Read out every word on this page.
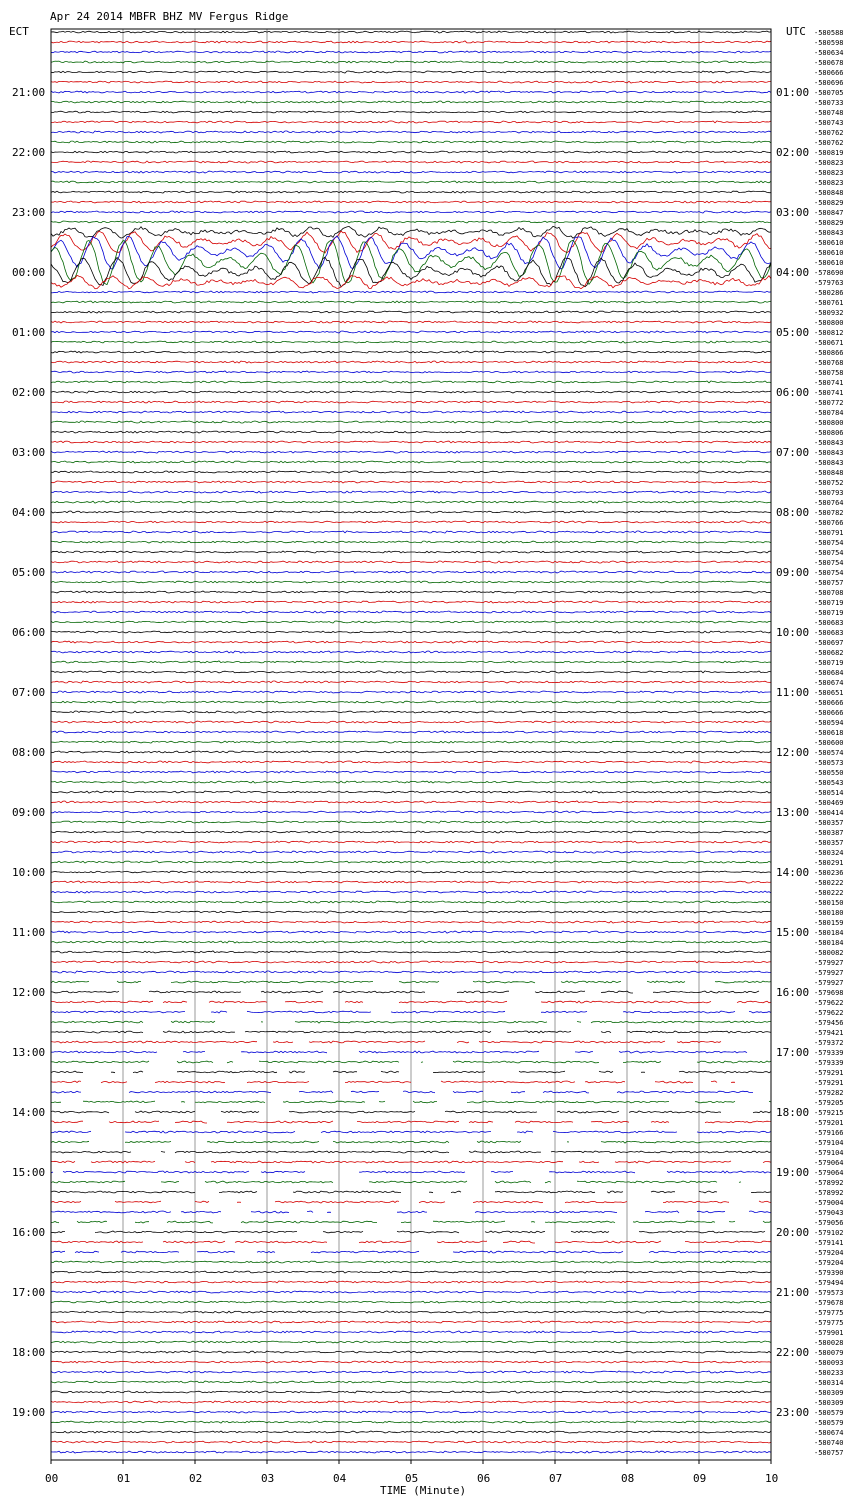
Apr 24 2014 MBFR BHZ MV Fergus Ridge
ECT	UTC
21:00
22:00
23:00
00:00
01:00
02:00
03:00
04:00
05:00
06:00
07:00
08:00
09:00
10:00
11:00
12:00
13:00
14:00
15:00
16:00
17:00
18:00
19:00
01:00
02:00
03:00
04:00
05:00
06:00
07:00
08:00
09:00
10:00
11:00
12:00
13:00
14:00
15:00
16:00
17:00
18:00
19:00
20:00
21:00
22:00
23:00
-580588
-580598
-580634
-580678
-580666
-580696
-580705
-580733
-580748
-580743
-580762
-580762
-580819
-580823
-580823
-580823
-580848
-580829
-580847
-580829
-580843
-580610
-580610
-580610
-578690
-579763
-580286
-580761
-580932
-580800
-580812
-580671
-580866
-580768
-580758
-580741
-580741
-580772
-580784
-580800
-580806
-580843
-580843
-580843
-580848
-580752
-580793
-580764
-580782
-580766
-580791
-580754
-580754
-580754
-580754
-580757
-580708
-580719
-580719
-580683
-580683
-580697
-580682
-580719
-580684
-580674
-580651
-580666
-580666
-580594
-580618
-580600
-580574
-580573
-580550
-580543
-580514
-580469
-580414
-580357
-580387
-580357
-580324
-580291
-580236
-580222
-580222
-580150
-580180
-580159
-580184
-580184
-580082
-579927
-579927
-579927
-579698
-579622
-579622
-579456
-579421
-579372
-579339
-579339
-579291
-579291
-579282
-579205
-579215
-579201
-579166
-579104
-579104
-579064
-579064
-578992
-578992
-579004
-579043
-579056
-579102
-579141
-579204
-579204
-579390
-579494
-579573
-579678
-579775
-579775
-579901
-580028
-580079
-580093
-580233
-580314
-580309
-580309
-580579
-580579
-580674
-580740
-580757
00	01	02	03	04	05	06	07	08	09	10
TIME (Minute)
